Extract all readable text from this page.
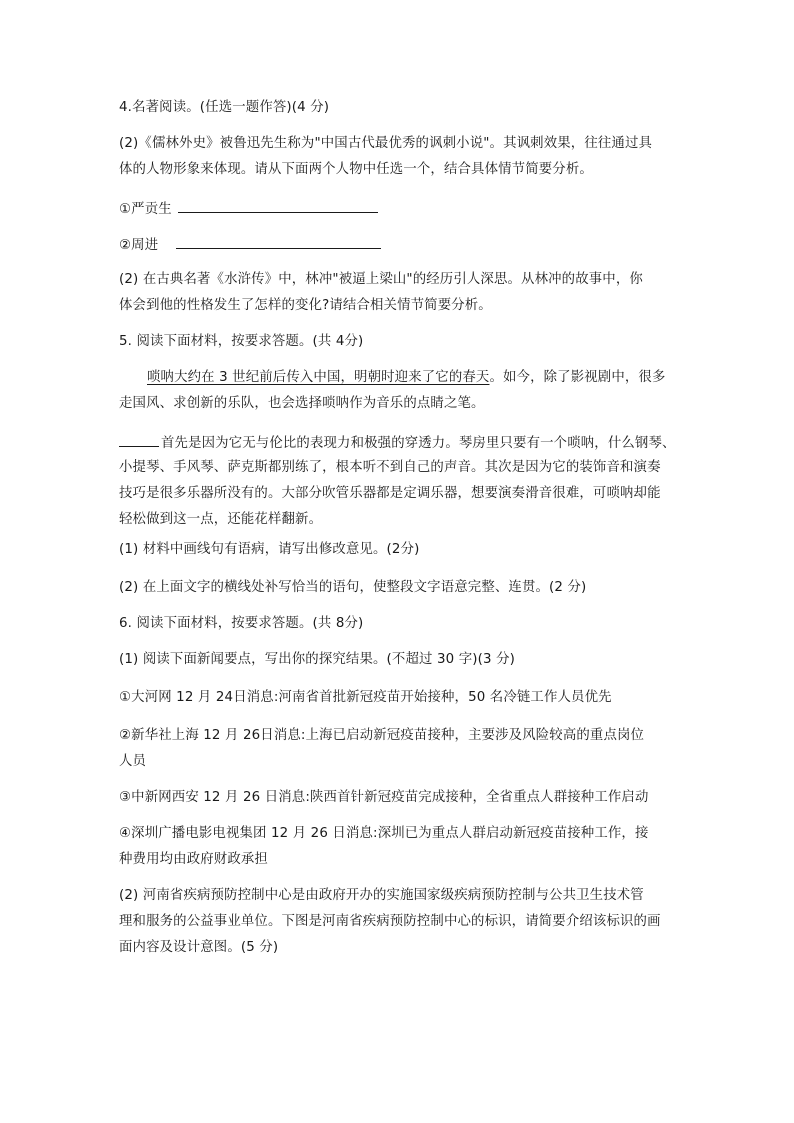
4.名著阅读。(任选一题作答)(4 分)

(2)《儒林外史》被鲁迅先生称为"中国古代最优秀的讽刺小说"。其讽刺效果，往往通过具

体的人物形象来体现。请从下面两个人物中任选一个，结合具体情节简要分析。

①严贡生

②周进

(2) 在古典名著《水浒传》中，林冲"被逼上梁山"的经历引人深思。从林冲的故事中，你

体会到他的性格发生了怎样的变化?请结合相关情节简要分析。

5. 阅读下面材料，按要求答题。(共 4分)

唢呐大约在 3 世纪前后传入中国，明朝时迎来了它的春天。如今，除了影视剧中，很多

走国风、求创新的乐队，也会选择唢呐作为音乐的点睛之笔。

首先是因为它无与伦比的表现力和极强的穿透力。琴房里只要有一个唢呐，什么钢琴、

小提琴、手风琴、萨克斯都别练了，根本听不到自己的声音。其次是因为它的装饰音和演奏

技巧是很多乐器所没有的。大部分吹管乐器都是定调乐器，想要演奏滑音很难，可唢呐却能

轻松做到这一点，还能花样翻新。

(1) 材料中画线句有语病，请写出修改意见。(2分)

(2) 在上面文字的横线处补写恰当的语句，使整段文字语意完整、连贯。(2 分)

6. 阅读下面材料，按要求答题。(共 8分)

(1) 阅读下面新闻要点，写出你的探究结果。(不超过 30 字)(3 分)

①大河网 12 月 24日消息:河南省首批新冠疫苗开始接种，50 名冷链工作人员优先

②新华社上海 12 月 26日消息:上海已启动新冠疫苗接种，主要涉及风险较高的重点岗位

人员

③中新网西安 12 月 26 日消息:陕西首针新冠疫苗完成接种，全省重点人群接种工作启动

④深圳广播电影电视集团 12 月 26 日消息:深圳已为重点人群启动新冠疫苗接种工作，接

种费用均由政府财政承担

(2) 河南省疾病预防控制中心是由政府开办的实施国家级疾病预防控制与公共卫生技术管

理和服务的公益事业单位。下图是河南省疾病预防控制中心的标识，请简要介绍该标识的画

面内容及设计意图。(5 分)
